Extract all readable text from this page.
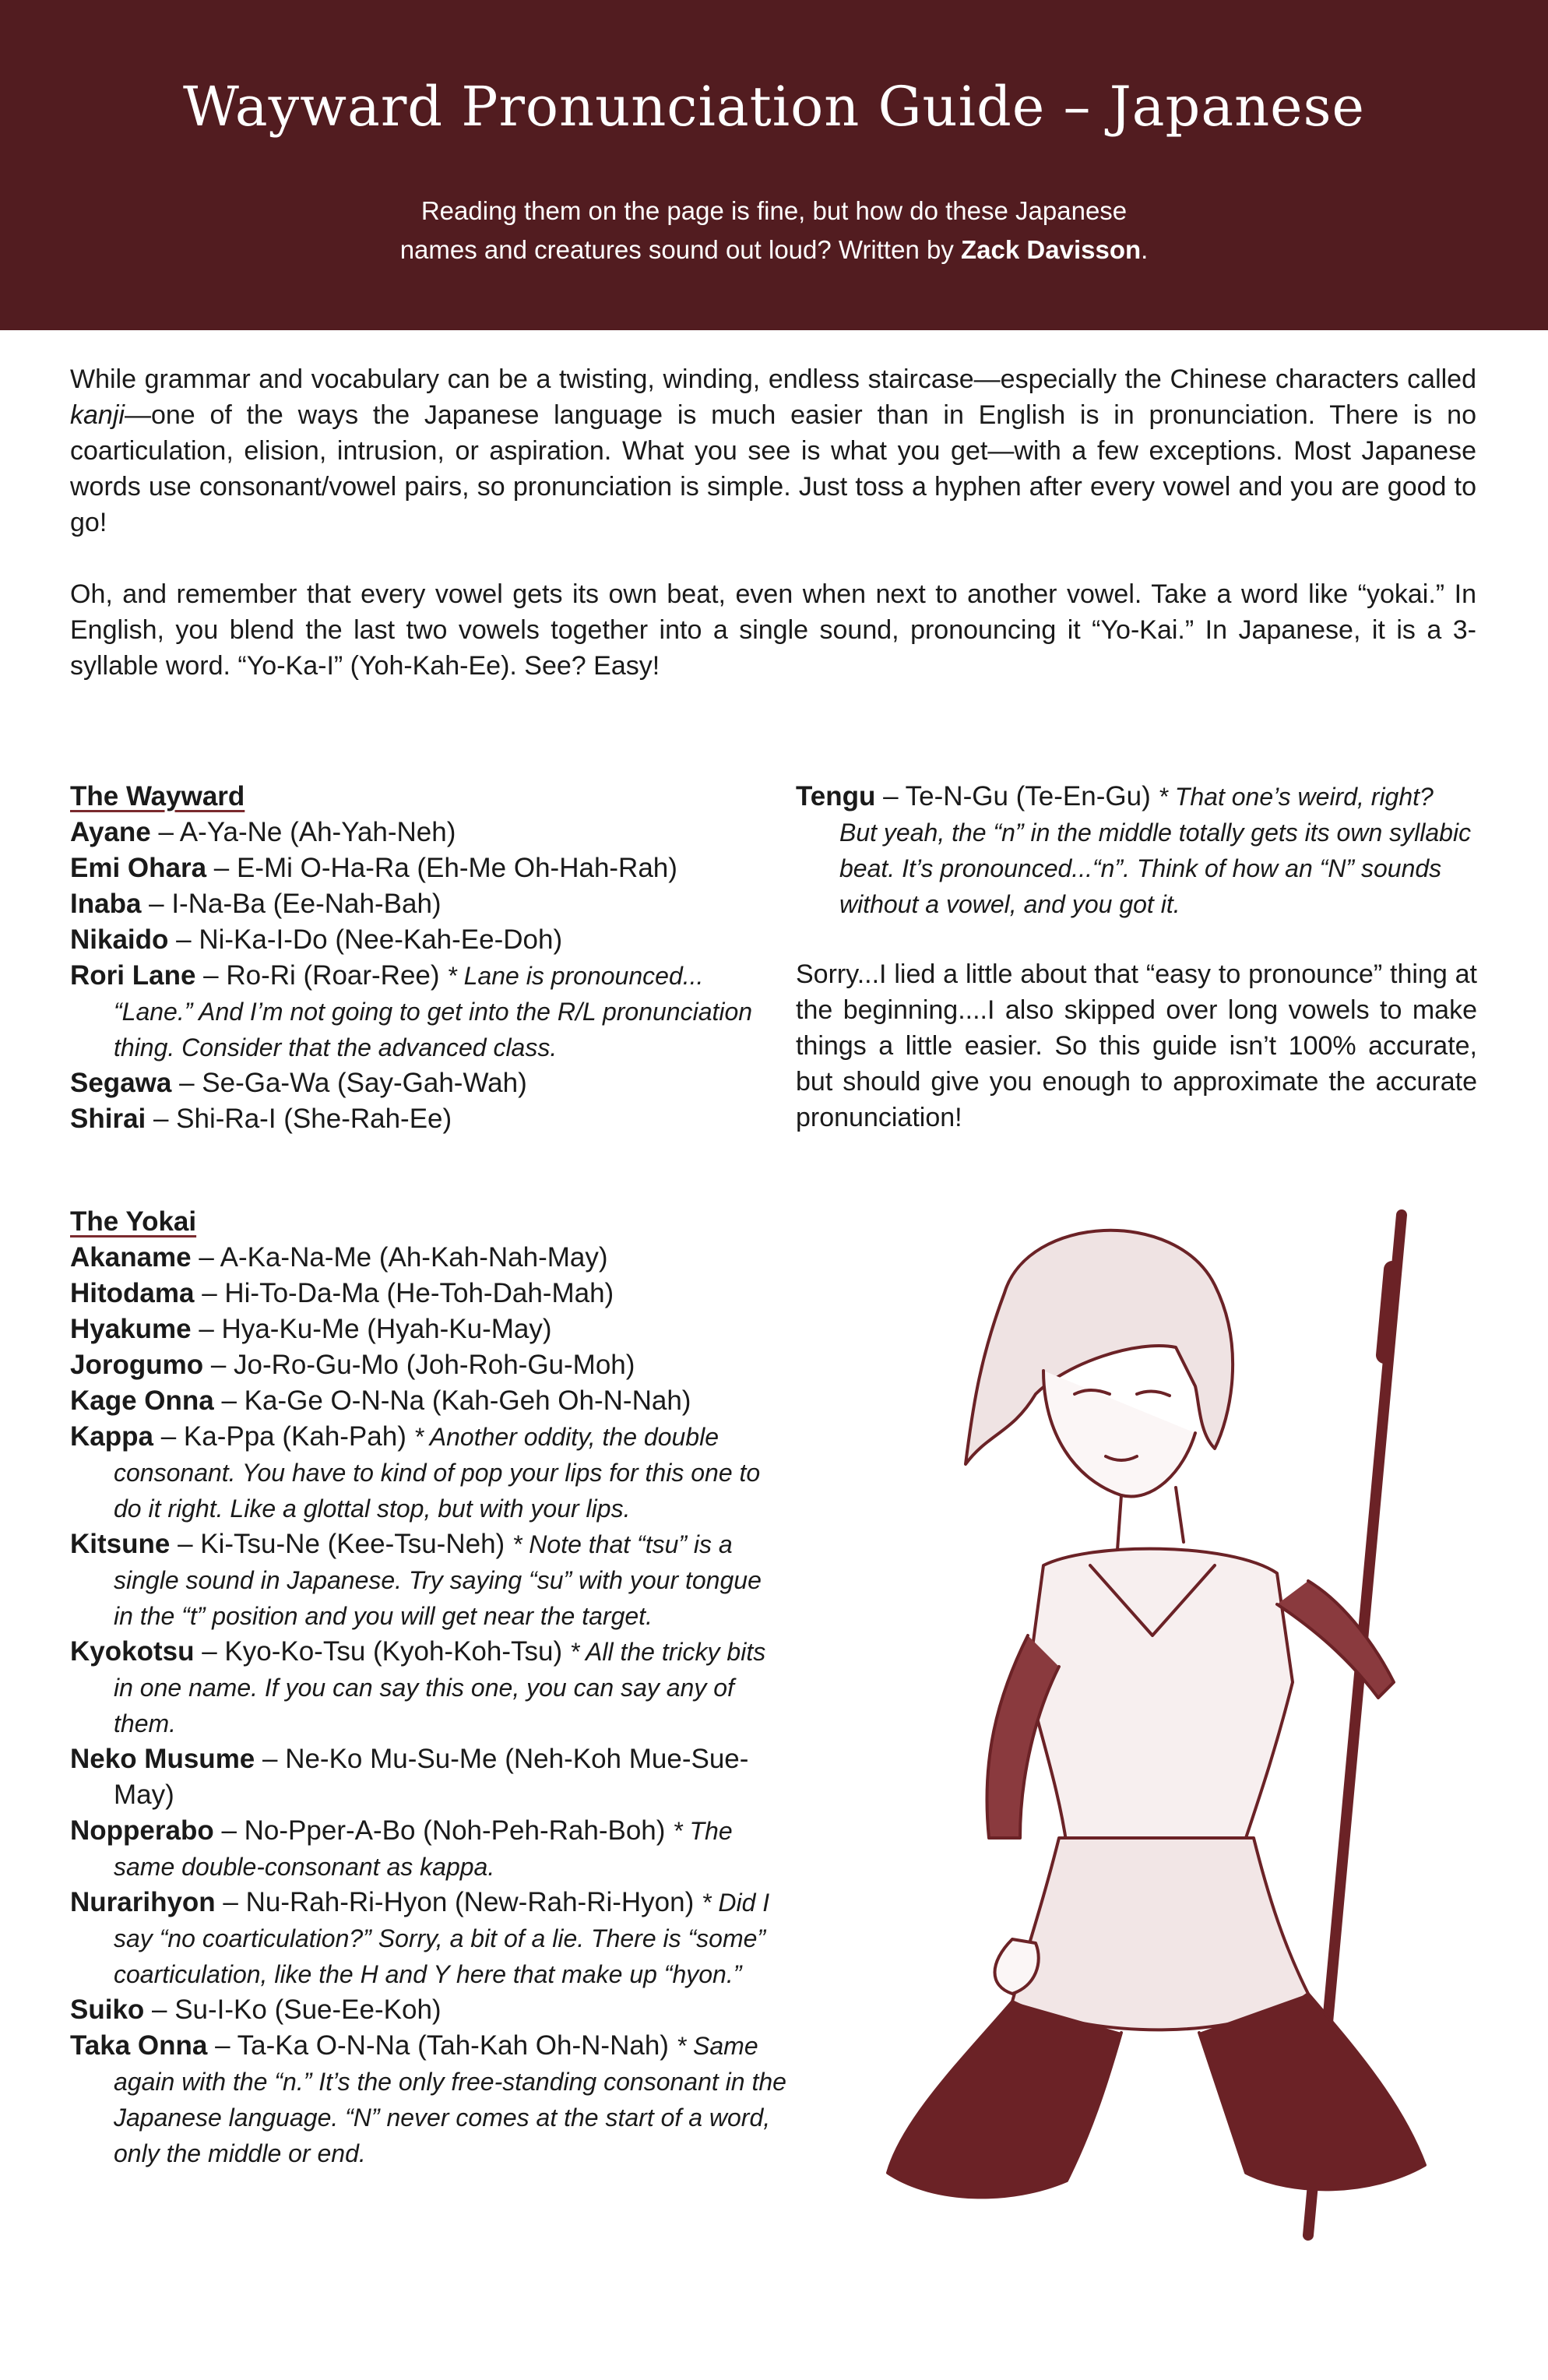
Wayward Pronunciation Guide – Japanese
Reading them on the page is fine, but how do these Japanese
names and creatures sound out loud? Written by Zack Davisson.
While grammar and vocabulary can be a twisting, winding, endless staircase—especially the Chinese characters called kanji—one of the ways the Japanese language is much easier than in English is in pronunciation. There is no coarticulation, elision, intrusion, or aspiration. What you see is what you get—with a few exceptions. Most Japanese words use consonant/vowel pairs, so pronunciation is simple. Just toss a hyphen after every vowel and you are good to go!
Oh, and remember that every vowel gets its own beat, even when next to another vowel. Take a word like “yokai.” In English, you blend the last two vowels together into a single sound, pronouncing it “Yo-Kai.” In Japanese, it is a 3-syllable word. “Yo-Ka-I” (Yoh-Kah-Ee). See? Easy!
The Wayward
Ayane – A-Ya-Ne (Ah-Yah-Neh)
Emi Ohara – E-Mi O-Ha-Ra (Eh-Me Oh-Hah-Rah)
Inaba – I-Na-Ba (Ee-Nah-Bah)
Nikaido – Ni-Ka-I-Do (Nee-Kah-Ee-Doh)
Rori Lane – Ro-Ri (Roar-Ree) * Lane is pronounced... “Lane.” And I’m not going to get into the R/L pronunciation thing. Consider that the advanced class.
Segawa – Se-Ga-Wa (Say-Gah-Wah)
Shirai – Shi-Ra-I (She-Rah-Ee)
Tengu – Te-N-Gu (Te-En-Gu) * That one’s weird, right? But yeah, the “n” in the middle totally gets its own syllabic beat. It’s pronounced...“n”. Think of how an “N” sounds without a vowel, and you got it.
Sorry...I lied a little about that “easy to pronounce” thing at the beginning....I also skipped over long vowels to make things a little easier. So this guide isn’t 100% accurate, but should give you enough to approximate the accurate pronunciation!
The Yokai
Akaname – A-Ka-Na-Me (Ah-Kah-Nah-May)
Hitodama – Hi-To-Da-Ma (He-Toh-Dah-Mah)
Hyakume – Hya-Ku-Me (Hyah-Ku-May)
Jorogumo – Jo-Ro-Gu-Mo (Joh-Roh-Gu-Moh)
Kage Onna – Ka-Ge O-N-Na (Kah-Geh Oh-N-Nah)
Kappa – Ka-Ppa (Kah-Pah) * Another oddity, the double consonant. You have to kind of pop your lips for this one to do it right. Like a glottal stop, but with your lips.
Kitsune – Ki-Tsu-Ne (Kee-Tsu-Neh) * Note that “tsu” is a single sound in Japanese. Try saying “su” with your tongue in the “t” position and you will get near the target.
Kyokotsu – Kyo-Ko-Tsu (Kyoh-Koh-Tsu) * All the tricky bits in one name. If you can say this one, you can say any of them.
Neko Musume – Ne-Ko Mu-Su-Me (Neh-Koh Mue-Sue-May)
Nopperabo – No-Pper-A-Bo (Noh-Peh-Rah-Boh) * The same double-consonant as kappa.
Nurarihyon – Nu-Rah-Ri-Hyon (New-Rah-Ri-Hyon) * Did I say “no coarticulation?” Sorry, a bit of a lie. There is “some” coarticulation, like the H and Y here that make up “hyon.”
Suiko – Su-I-Ko (Sue-Ee-Koh)
Taka Onna – Ta-Ka O-N-Na (Tah-Kah Oh-N-Nah) * Same again with the “n.” It’s the only free-standing consonant in the Japanese language. “N” never comes at the start of a word, only the middle or end.
